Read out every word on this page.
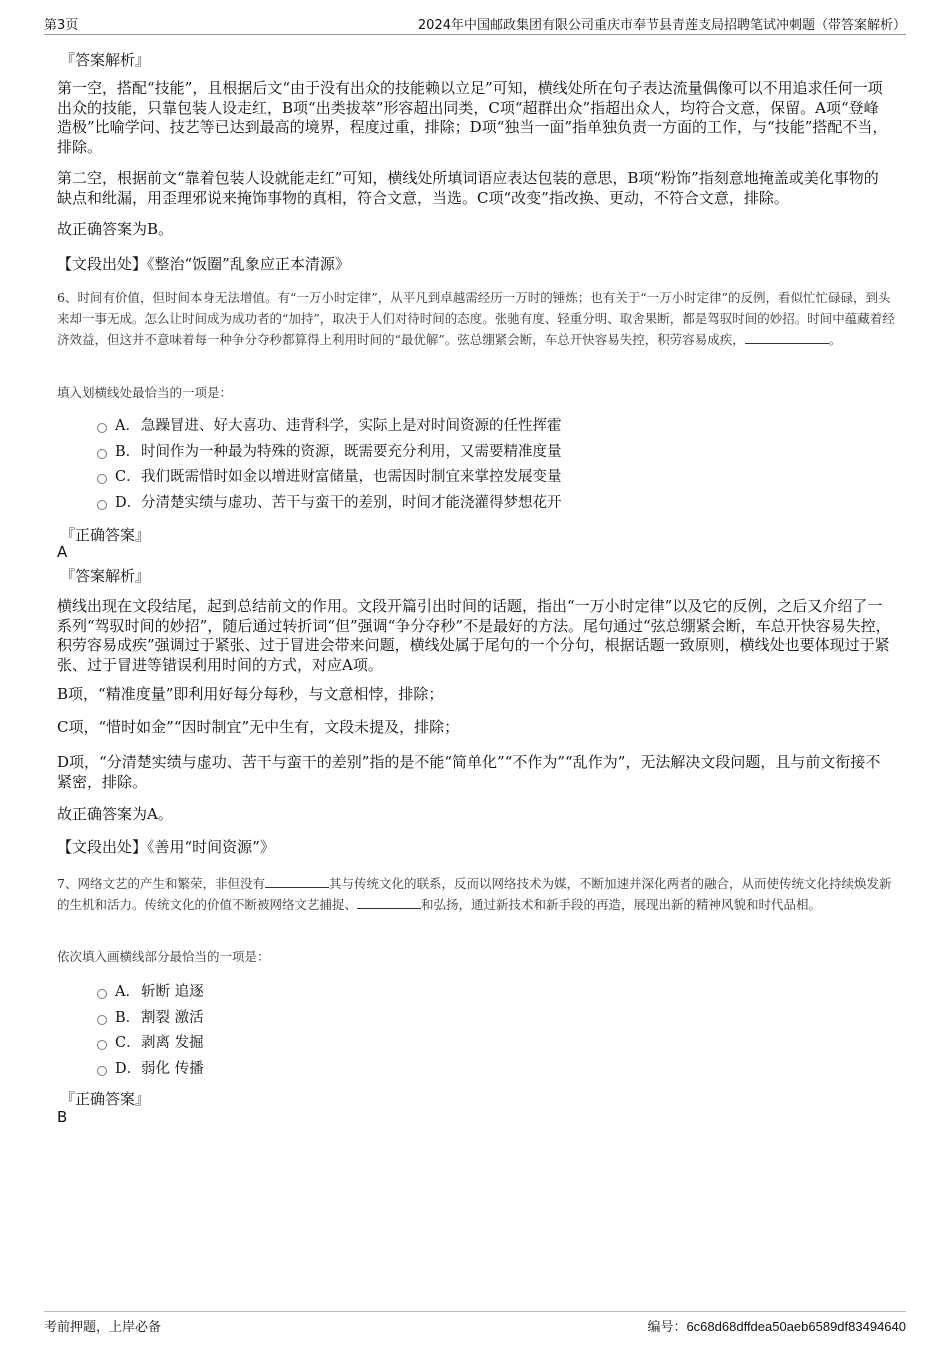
第3页	2024年中国邮政集团有限公司重庆市奉节县青莲支局招聘笔试冲刺题（带答案解析）
『答案解析』
第一空，搭配“技能”，且根据后文“由于没有出众的技能赖以立足”可知，横线处所在句子表达流量偶像可以不用追求任何一项出众的技能，只靠包装人设走红，B项“出类拔萃”形容超出同类，C项“超群出众”指超出众人，均符合文意，保留。A项“登峰造极”比喻学问、技艺等已达到最高的境界，程度过重，排除；D项“独当一面”指单独负责一方面的工作，与“技能”搭配不当，排除。
第二空，根据前文“靠着包装人设就能走红”可知，横线处所填词语应表达包装的意思，B项“粉饰”指刻意地掩盖或美化事物的缺点和纰漏，用歪理邪说来掩饰事物的真相，符合文意，当选。C项“改变”指改换、更动，不符合文意，排除。
故正确答案为B。
【文段出处】《整治“饭圈”乱象应正本清源》
6、时间有价值，但时间本身无法增值。有“一万小时定律”，从平凡到卓越需经历一万时的锤炼；也有关于“一万小时定律”的反例，看似忙忙碌碌，到头来却一事无成。怎么让时间成为成功者的“加持”，取决于人们对待时间的态度。张驰有度、轻重分明、取舍果断，都是驾驭时间的妙招。时间中蕴藏着经济效益，但这并不意味着每一种争分夺秒都算得上利用时间的“最优解”。弦总绷紧会断，车总开快容易失控，积劳容易成疾，	。
填入划横线处最恰当的一项是：
A．急躁冒进、好大喜功、违背科学，实际上是对时间资源的任性挥霍
B．时间作为一种最为特殊的资源，既需要充分利用，又需要精准度量
C．我们既需惜时如金以增进财富储量，也需因时制宜来掌控发展变量
D．分清楚实绩与虚功、苦干与蛮干的差别，时间才能浇灌得梦想花开
『正确答案』
A
『答案解析』
横线出现在文段结尾，起到总结前文的作用。文段开篇引出时间的话题，指出“一万小时定律”以及它的反例，之后又介绍了一系列“驾驭时间的妙招”，随后通过转折词“但”强调“争分夺秒”不是最好的方法。尾句通过“弦总绷紧会断，车总开快容易失控，积劳容易成疾”强调过于紧张、过于冒进会带来问题，横线处属于尾句的一个分句，根据话题一致原则，横线处也要体现过于紧张、过于冒进等错误利用时间的方式，对应A项。
B项，“精准度量”即利用好每分每秒，与文意相悖，排除；
C项，“惜时如金”“因时制宜”无中生有，文段未提及，排除；
D项，“分清楚实绩与虚功、苦干与蛮干的差别”指的是不能“简单化”“不作为”“乱作为”，无法解决文段问题，且与前文衔接不紧密，排除。
故正确答案为A。
【文段出处】《善用“时间资源”》
7、网络文艺的产生和繁荣，非但没有	其与传统文化的联系，反而以网络技术为媒，不断加速并深化两者的融合，从而使传统文化持续焕发新的生机和活力。传统文化的价值不断被网络文艺捕捉、	和弘扬，通过新技术和新手段的再造，展现出新的精神风貌和时代品相。
依次填入画横线部分最恰当的一项是：
A．斩断 追逐
B．割裂 激活
C．剥离 发掘
D．弱化 传播
『正确答案』
B
考前押题，上岸必备	编号：6c68d68dffdea50aeb6589df83494640
